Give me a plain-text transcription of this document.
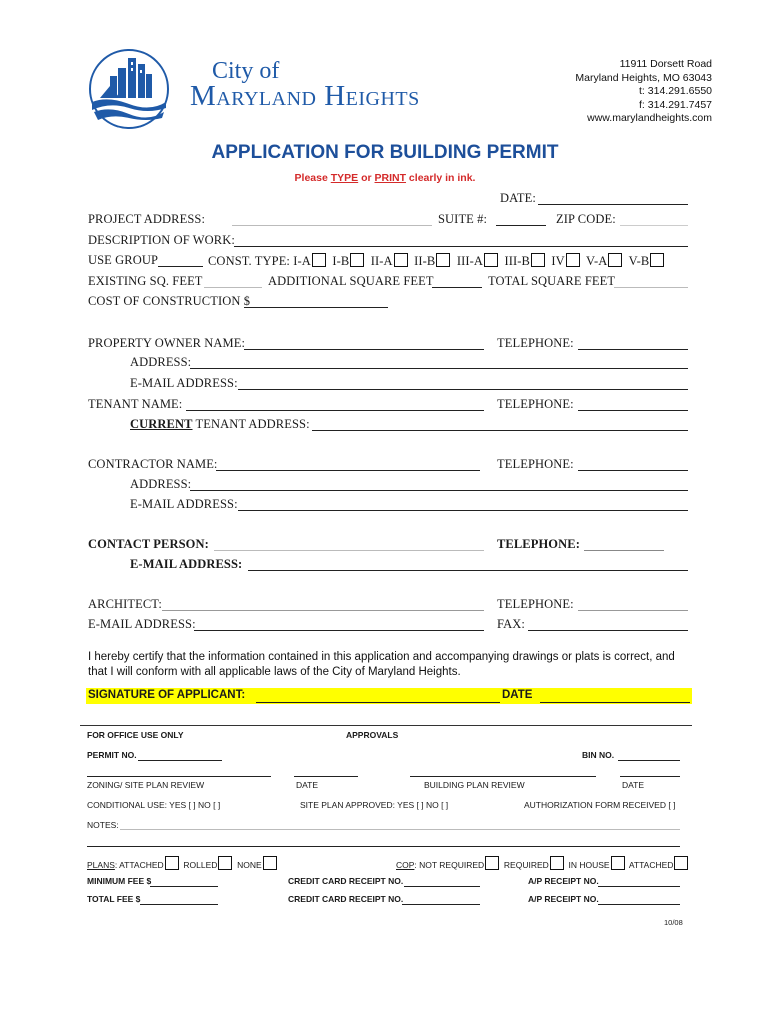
City of
Maryland Heights
11911 Dorsett Road
Maryland Heights, MO 63043
t: 314.291.6550
f: 314.291.7457
www.marylandheights.com
APPLICATION FOR BUILDING PERMIT
Please TYPE or PRINT clearly in ink.
DATE:
PROJECT ADDRESS:	SUITE #:	ZIP CODE:
DESCRIPTION OF WORK:
USE GROUP	CONST. TYPE: I-A I-B II-A II-B III-A III-B IV V-A V-B
EXISTING SQ. FEET	ADDITIONAL SQUARE FEET	TOTAL SQUARE FEET
COST OF CONSTRUCTION $
PROPERTY OWNER NAME:	TELEPHONE:
ADDRESS:
E-MAIL ADDRESS:
TENANT NAME:	TELEPHONE:
CURRENT TENANT ADDRESS:
CONTRACTOR NAME:	TELEPHONE:
ADDRESS:
E-MAIL ADDRESS:
CONTACT PERSON:	TELEPHONE:
E-MAIL ADDRESS:
ARCHITECT:	TELEPHONE:
E-MAIL ADDRESS:	FAX:
I hereby certify that the information contained in this application and accompanying drawings or plats is correct, and that I will conform with all applicable laws of the City of Maryland Heights.
SIGNATURE OF APPLICANT:	DATE
FOR OFFICE USE ONLY	APPROVALS
PERMIT NO.	BIN NO.
ZONING/ SITE PLAN REVIEW	DATE	BUILDING PLAN REVIEW	DATE
CONDITIONAL USE: YES [ ] NO [ ]	SITE PLAN APPROVED: YES [ ] NO [ ]	AUTHORIZATION FORM RECEIVED [ ]
NOTES:
PLANS: ATTACHED ROLLED NONE	COP: NOT REQUIRED REQUIRED IN HOUSE ATTACHED
MINIMUM FEE $	CREDIT CARD RECEIPT NO.	A/P RECEIPT NO.
TOTAL FEE $	CREDIT CARD RECEIPT NO.	A/P RECEIPT NO.
10/08
